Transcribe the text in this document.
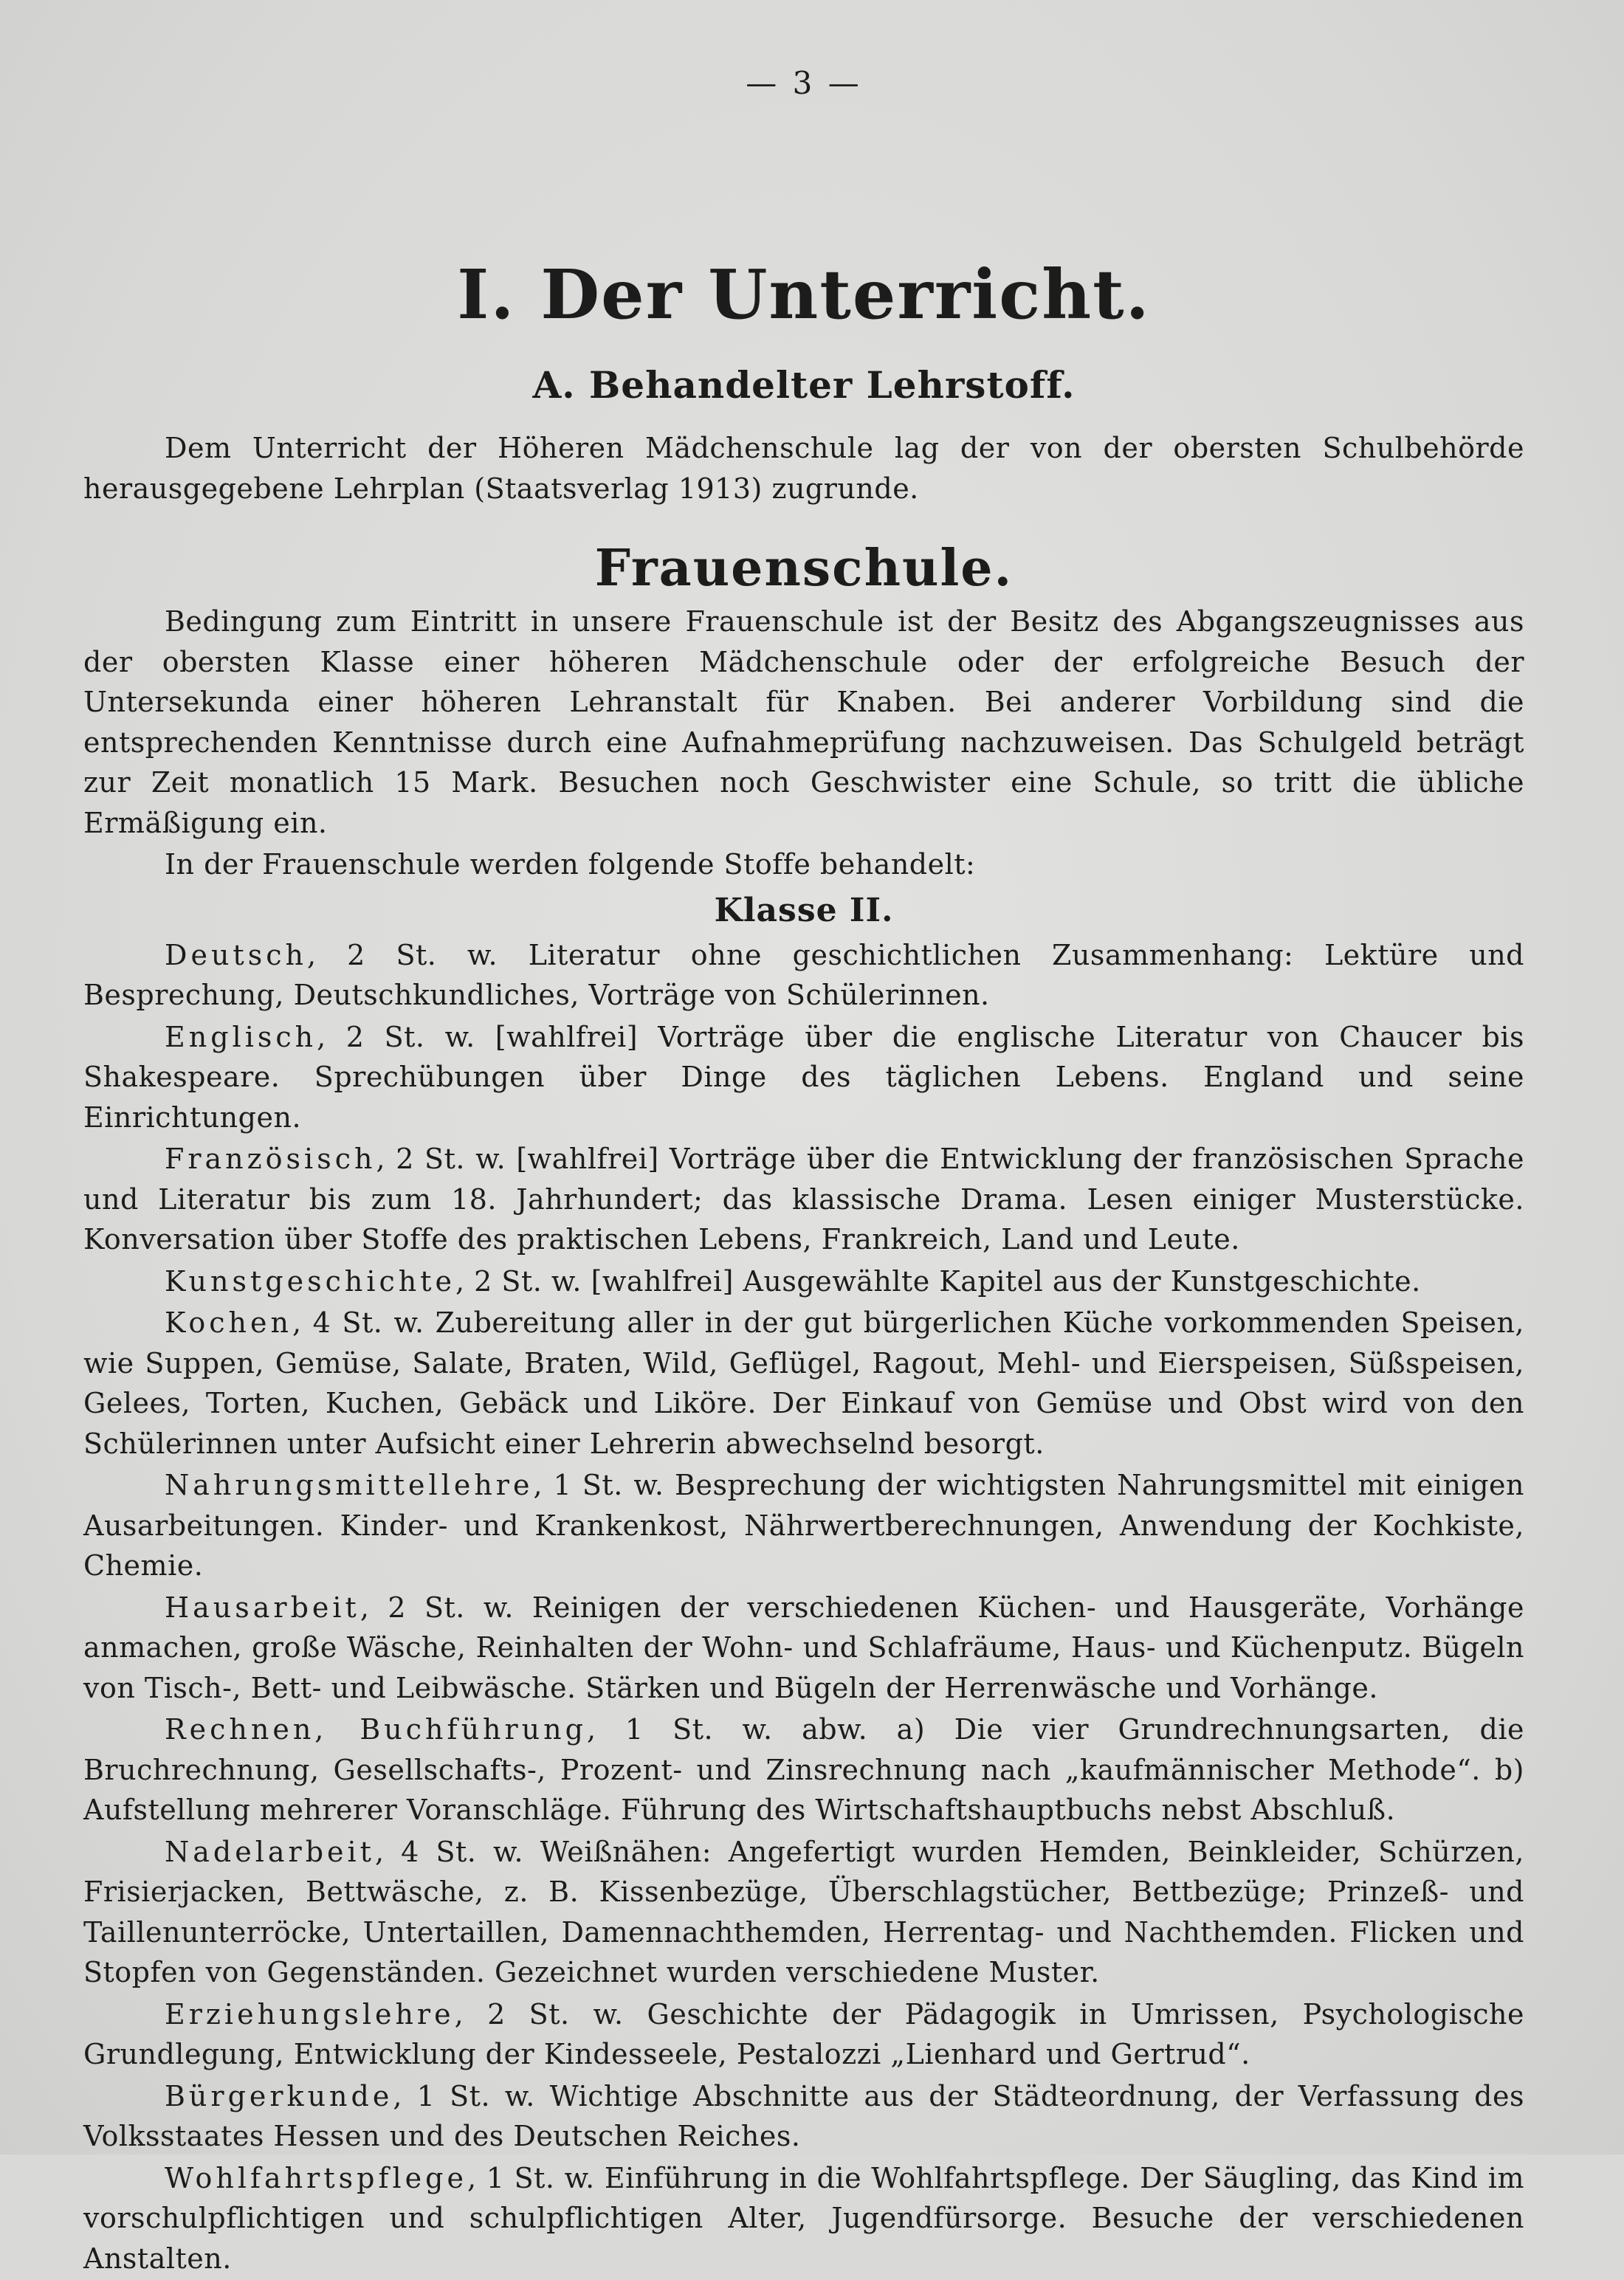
— 3 —
I. Der Unterricht.
A. Behandelter Lehrstoff.

Dem Unterricht der Höheren Mädchenschule lag der von der obersten Schulbehörde herausgegebene Lehrplan (Staatsverlag 1913) zugrunde.

Frauenschule.

Bedingung zum Eintritt in unsere Frauenschule ist der Besitz des Abgangszeugnisses aus der obersten Klasse einer höheren Mädchenschule oder der erfolgreiche Besuch der Untersekunda einer höheren Lehranstalt für Knaben. Bei anderer Vorbildung sind die entsprechenden Kenntnisse durch eine Aufnahmeprüfung nachzuweisen. Das Schulgeld beträgt zur Zeit monatlich 15 Mark. Besuchen noch Geschwister eine Schule, so tritt die übliche Ermäßigung ein.

In der Frauenschule werden folgende Stoffe behandelt:

Klasse II.

Deutsch, 2 St. w. Literatur ohne geschichtlichen Zusammenhang: Lektüre und Besprechung, Deutschkundliches, Vorträge von Schülerinnen.

Englisch, 2 St. w. [wahlfrei] Vorträge über die englische Literatur von Chaucer bis Shakespeare. Sprechübungen über Dinge des täglichen Lebens. England und seine Einrichtungen.

Französisch, 2 St. w. [wahlfrei] Vorträge über die Entwicklung der französischen Sprache und Literatur bis zum 18. Jahrhundert; das klassische Drama. Lesen einiger Musterstücke. Konversation über Stoffe des praktischen Lebens, Frankreich, Land und Leute.

Kunstgeschichte, 2 St. w. [wahlfrei] Ausgewählte Kapitel aus der Kunstgeschichte.

Kochen, 4 St. w. Zubereitung aller in der gut bürgerlichen Küche vorkommenden Speisen, wie Suppen, Gemüse, Salate, Braten, Wild, Geflügel, Ragout, Mehl- und Eierspeisen, Süßspeisen, Gelees, Torten, Kuchen, Gebäck und Liköre. Der Einkauf von Gemüse und Obst wird von den Schülerinnen unter Aufsicht einer Lehrerin abwechselnd besorgt.

Nahrungsmittellehre, 1 St. w. Besprechung der wichtigsten Nahrungsmittel mit einigen Ausarbeitungen. Kinder- und Krankenkost, Nährwertberechnungen, Anwendung der Kochkiste, Chemie.

Hausarbeit, 2 St. w. Reinigen der verschiedenen Küchen- und Hausgeräte, Vorhänge anmachen, große Wäsche, Reinhalten der Wohn- und Schlafräume, Haus- und Küchenputz. Bügeln von Tisch-, Bett- und Leibwäsche. Stärken und Bügeln der Herrenwäsche und Vorhänge.

Rechnen, Buchführung, 1 St. w. abw. a) Die vier Grundrechnungsarten, die Bruchrechnung, Gesellschafts-, Prozent- und Zinsrechnung nach „kaufmännischer Methode“. b) Aufstellung mehrerer Voranschläge. Führung des Wirtschaftshauptbuchs nebst Abschluß.

Nadelarbeit, 4 St. w. Weißnähen: Angefertigt wurden Hemden, Beinkleider, Schürzen, Frisierjacken, Bettwäsche, z. B. Kissenbezüge, Überschlagstücher, Bettbezüge; Prinzeß- und Taillenunterröcke, Untertaillen, Damennachthemden, Herrentag- und Nachthemden. Flicken und Stopfen von Gegenständen. Gezeichnet wurden verschiedene Muster.

Erziehungslehre, 2 St. w. Geschichte der Pädagogik in Umrissen, Psychologische Grundlegung, Entwicklung der Kindesseele, Pestalozzi „Lienhard und Gertrud“.

Bürgerkunde, 1 St. w. Wichtige Abschnitte aus der Städteordnung, der Verfassung des Volksstaates Hessen und des Deutschen Reiches.

Wohlfahrtspflege, 1 St. w. Einführung in die Wohlfahrtspflege. Der Säugling, das Kind im vorschulpflichtigen und schulpflichtigen Alter, Jugendfürsorge. Besuche der verschiedenen Anstalten.
